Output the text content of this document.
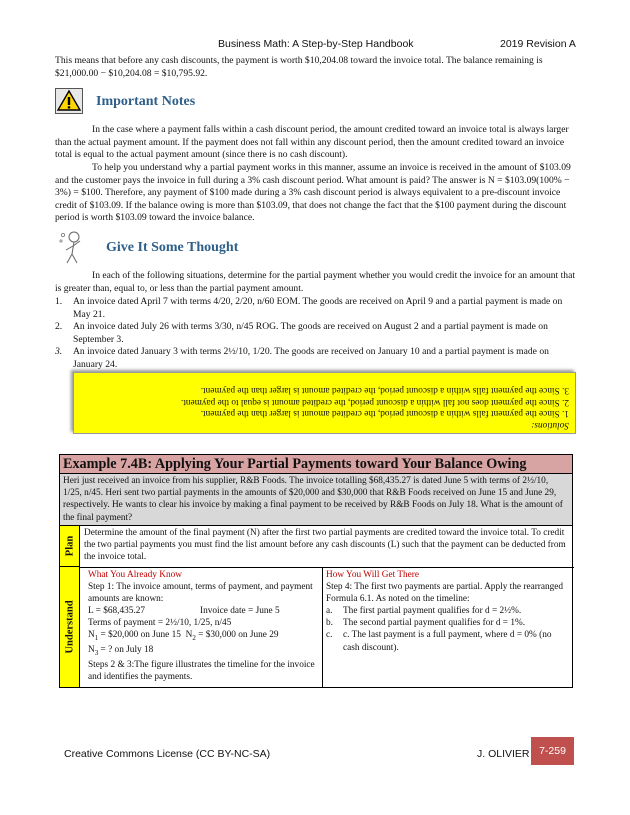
Business Math: A Step-by-Step Handbook	2019 Revision A

This means that before any cash discounts, the payment is worth $10,204.08 toward the invoice total. The balance remaining is $21,000.00 − $10,204.08 = $10,795.92.

Important Notes

In the case where a payment falls within a cash discount period, the amount credited toward an invoice total is always larger than the actual payment amount. If the payment does not fall within any discount period, then the amount credited toward an invoice total is equal to the actual payment amount (since there is no cash discount).

To help you understand why a partial payment works in this manner, assume an invoice is received in the amount of $103.09 and the customer pays the invoice in full during a 3% cash discount period. What amount is paid? The answer is N = $103.09(100% − 3%) = $100. Therefore, any payment of $100 made during a 3% cash discount period is always equivalent to a pre-discount invoice credit of $103.09. If the balance owing is more than $103.09, that does not change the fact that the $100 payment during the discount period is worth $103.09 toward the invoice balance.

Give It Some Thought

In each of the following situations, determine for the partial payment whether you would credit the invoice for an amount that is greater than, equal to, or less than the partial payment amount.

1.	An invoice dated April 7 with terms 4/20, 2/20, n/60 EOM. The goods are received on April 9 and a partial payment is made on May 21.
2.	An invoice dated July 26 with terms 3/30, n/45 ROG. The goods are received on August 2 and a partial payment is made on September 3.
3.	An invoice dated January 3 with terms 2½/10, 1/20. The goods are received on January 10 and a partial payment is made on January 24.
Solutions:
1. Since the payment falls within a discount period, the credited amount is larger than the payment.
2. Since the payment does not fall within a discount period, the credited amount is equal to the payment.
3. Since the payment falls within a discount period, the credited amount is larger than the payment.
Example 7.4B: Applying Your Partial Payments toward Your Balance Owing
Heri just received an invoice from his supplier, R&B Foods. The invoice totalling $68,435.27 is dated June 5 with terms of 2½/10, 1/25, n/45. Heri sent two partial payments in the amounts of $20,000 and $30,000 that R&B Foods received on June 15 and June 29, respectively. He wants to clear his invoice by making a final payment to be received by R&B Foods on July 18. What is the amount of the final payment?
Plan
Determine the amount of the final payment (N) after the first two partial payments are credited toward the invoice total. To credit the two partial payments you must find the list amount before any cash discounts (L) such that the payment can be deducted from the invoice total.
Understand
What You Already Know
Step 1: The invoice amount, terms of payment, and payment amounts are known:
L = $68,435.27	Invoice date = June 5
Terms of payment = 2½/10, 1/25, n/45
$N_1$ = $20,000 on June 15 $N_2$ = $30,000 on June 29
$N_3$ = ? on July 18
Steps 2 & 3:The figure illustrates the timeline for the invoice and identifies the payments.
How You Will Get There
Step 4: The first two payments are partial. Apply the rearranged Formula 6.1. As noted on the timeline:
a.	The first partial payment qualifies for d = 2½%.
b.	The second partial payment qualifies for d = 1%.
c.	c. The last payment is a full payment, where d = 0% (no cash discount).
Creative Commons License (CC BY-NC-SA)	J. OLIVIER 7-259
